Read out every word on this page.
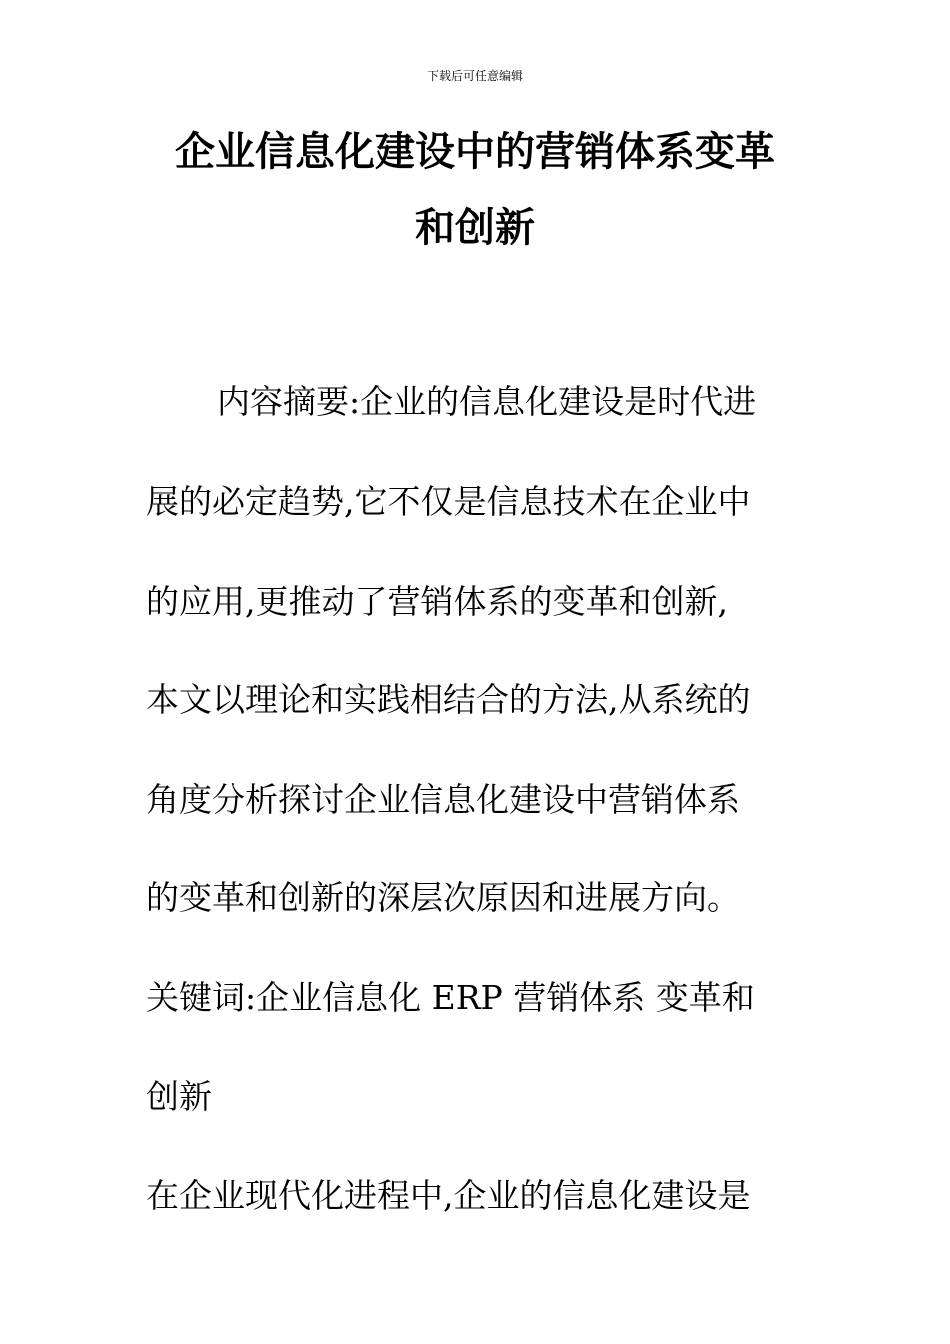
下载后可任意编辑
企业信息化建设中的营销体系变革
和创新
内容摘要:企业的信息化建设是时代进
展的必定趋势,它不仅是信息技术在企业中
的应用,更推动了营销体系的变革和创新,
本文以理论和实践相结合的方法,从系统的
角度分析探讨企业信息化建设中营销体系
的变革和创新的深层次原因和进展方向。
关键词:企业信息化 ERP 营销体系 变革和
创新
在企业现代化进程中,企业的信息化建设是
